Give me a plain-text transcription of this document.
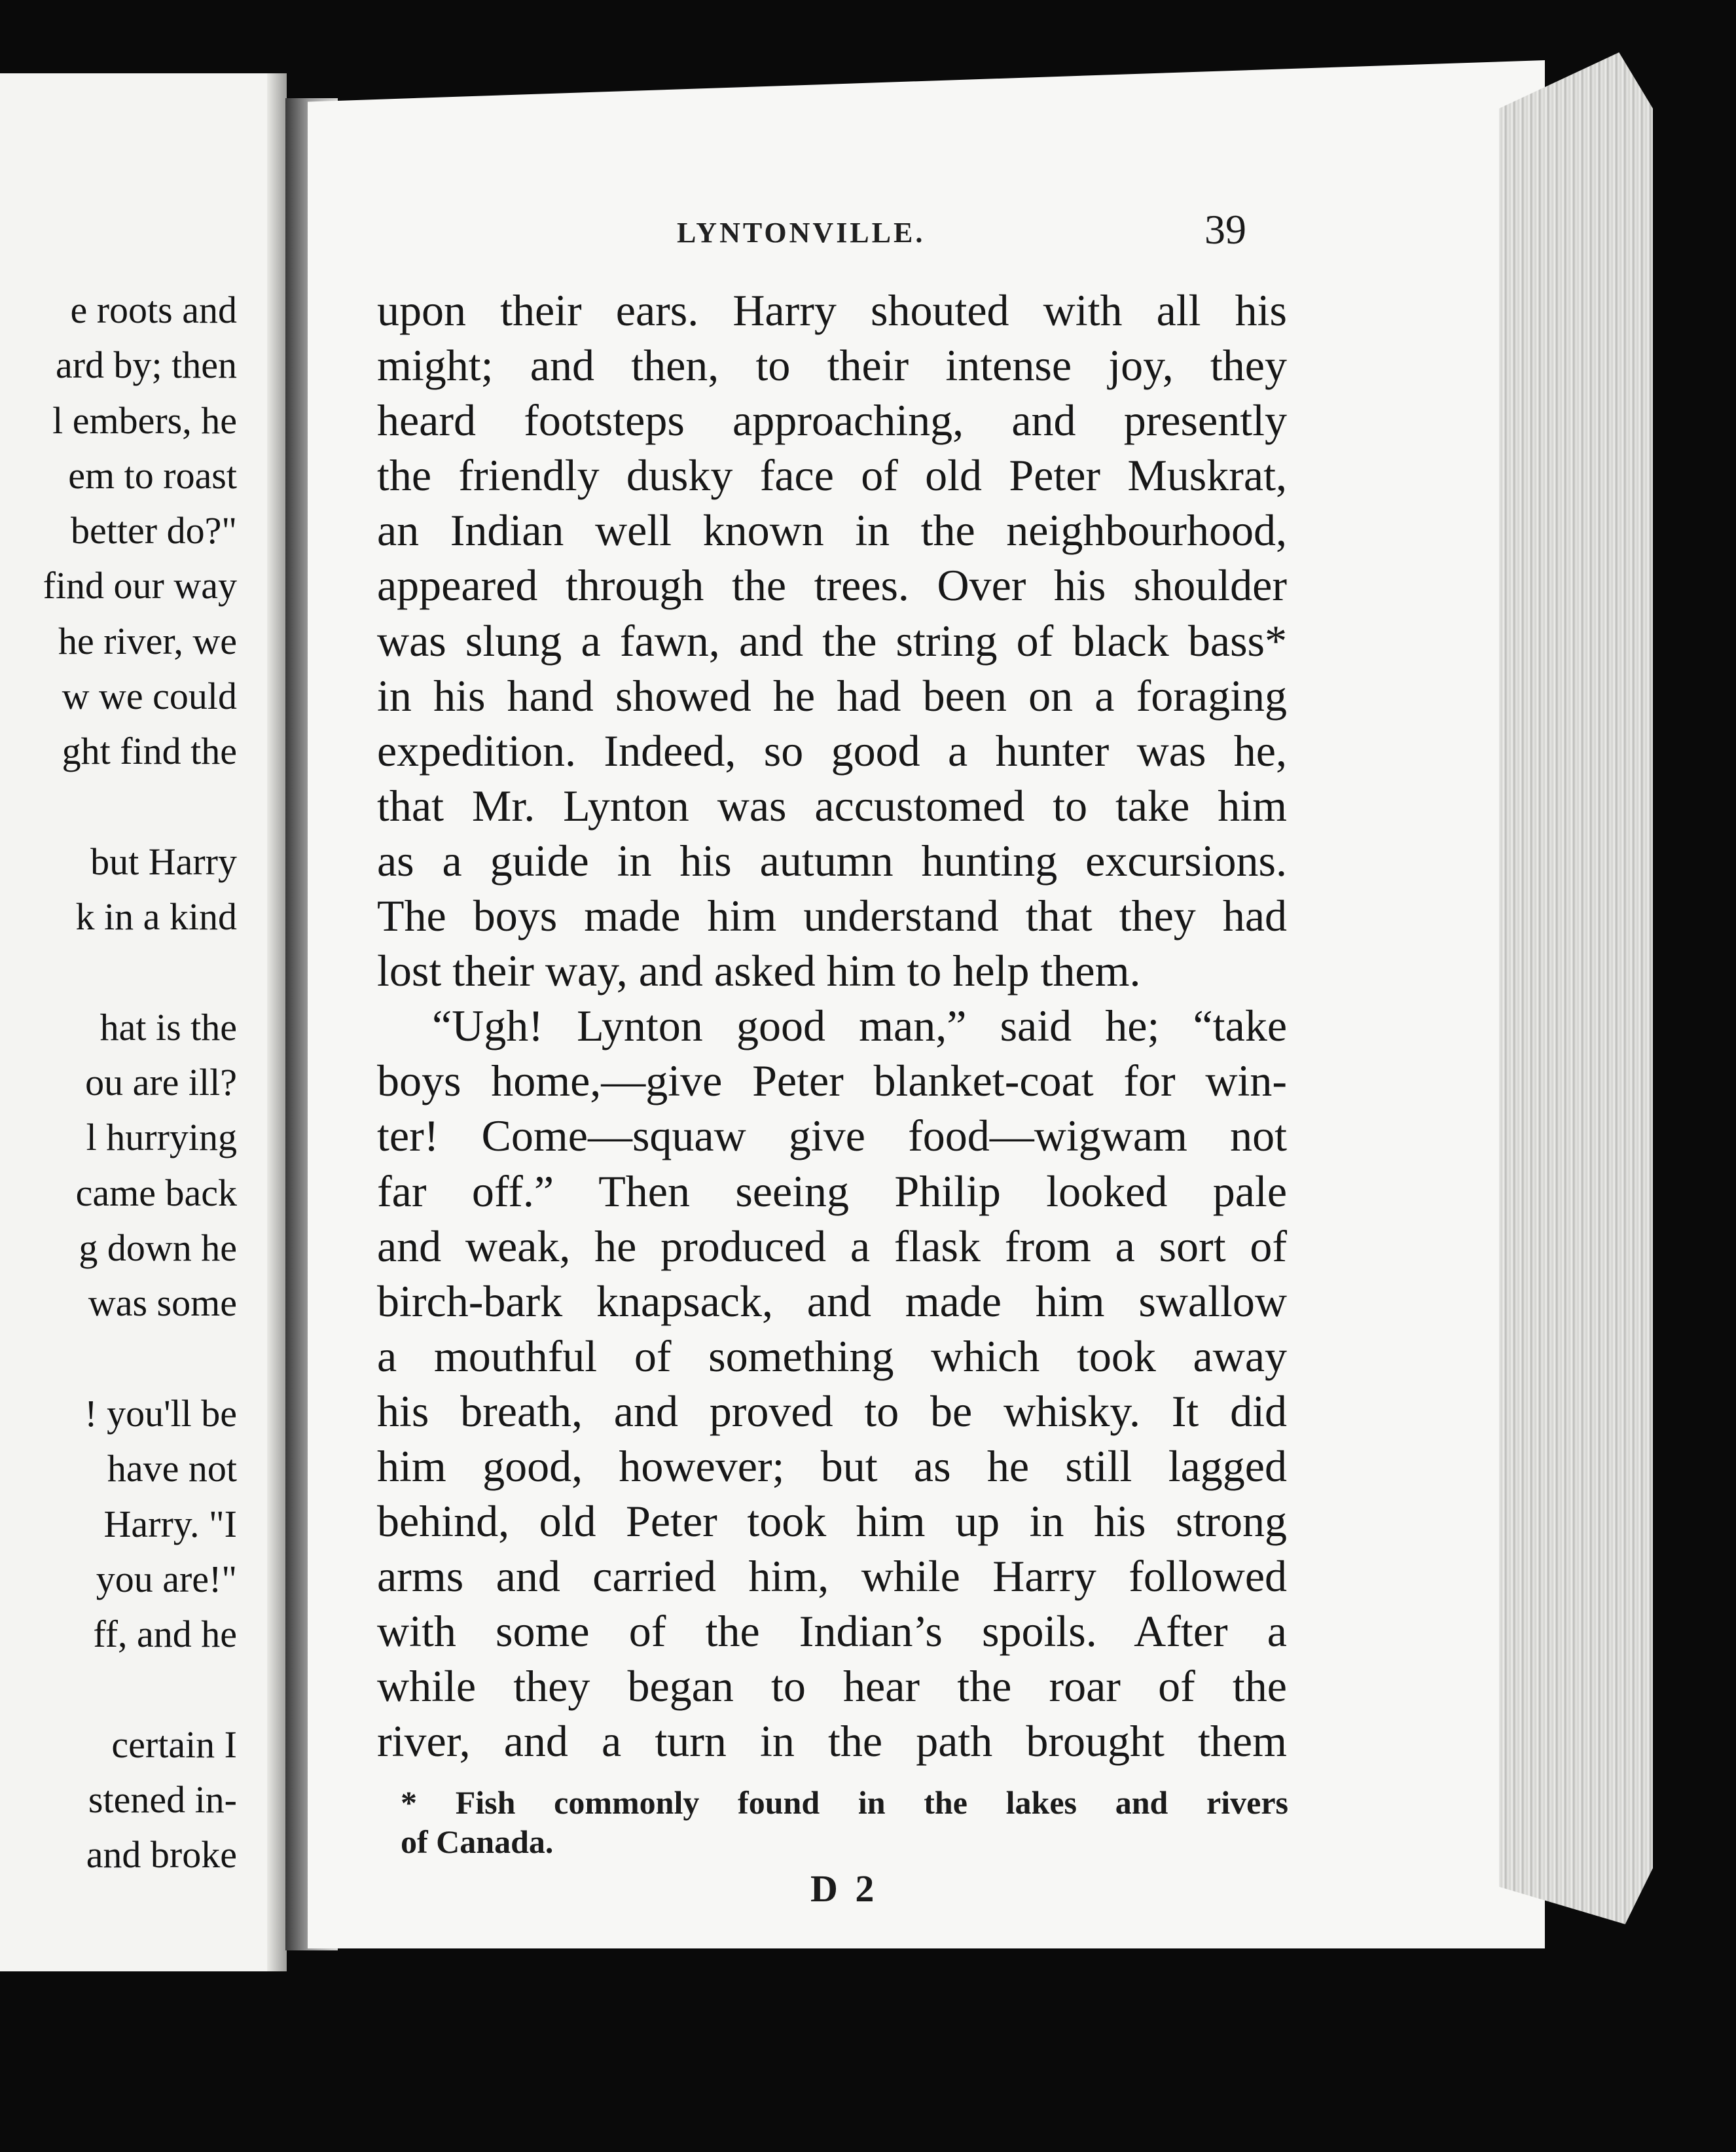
e roots and
ard by; then
l embers, he
em to roast
better do?"
find our way
he river, we
w we could
ght find the
but Harry
k in a kind
hat is the
ou are ill?
l hurrying
came back
g down he
was some
! you'll be
have not
Harry. "I
you are!"
ff, and he
certain I
stened in-
and broke
LYNTONVILLE.	39
upon their ears. Harry shouted with all his
might; and then, to their intense joy, they
heard footsteps approaching, and presently
the friendly dusky face of old Peter Muskrat,
an Indian well known in the neighbourhood,
appeared through the trees. Over his shoulder
was slung a fawn, and the string of black bass*
in his hand showed he had been on a foraging
expedition. Indeed, so good a hunter was he,
that Mr. Lynton was accustomed to take him
as a guide in his autumn hunting excursions.
The boys made him understand that they had
lost their way, and asked him to help them.
“Ugh! Lynton good man,” said he; “take
boys home,—give Peter blanket-coat for win-
ter! Come—squaw give food—wigwam not
far off.” Then seeing Philip looked pale
and weak, he produced a flask from a sort of
birch-bark knapsack, and made him swallow
a mouthful of something which took away
his breath, and proved to be whisky. It did
him good, however; but as he still lagged
behind, old Peter took him up in his strong
arms and carried him, while Harry followed
with some of the Indian’s spoils. After a
while they began to hear the roar of the
river, and a turn in the path brought them
* Fish commonly found in the lakes and rivers
of Canada.
D 2
